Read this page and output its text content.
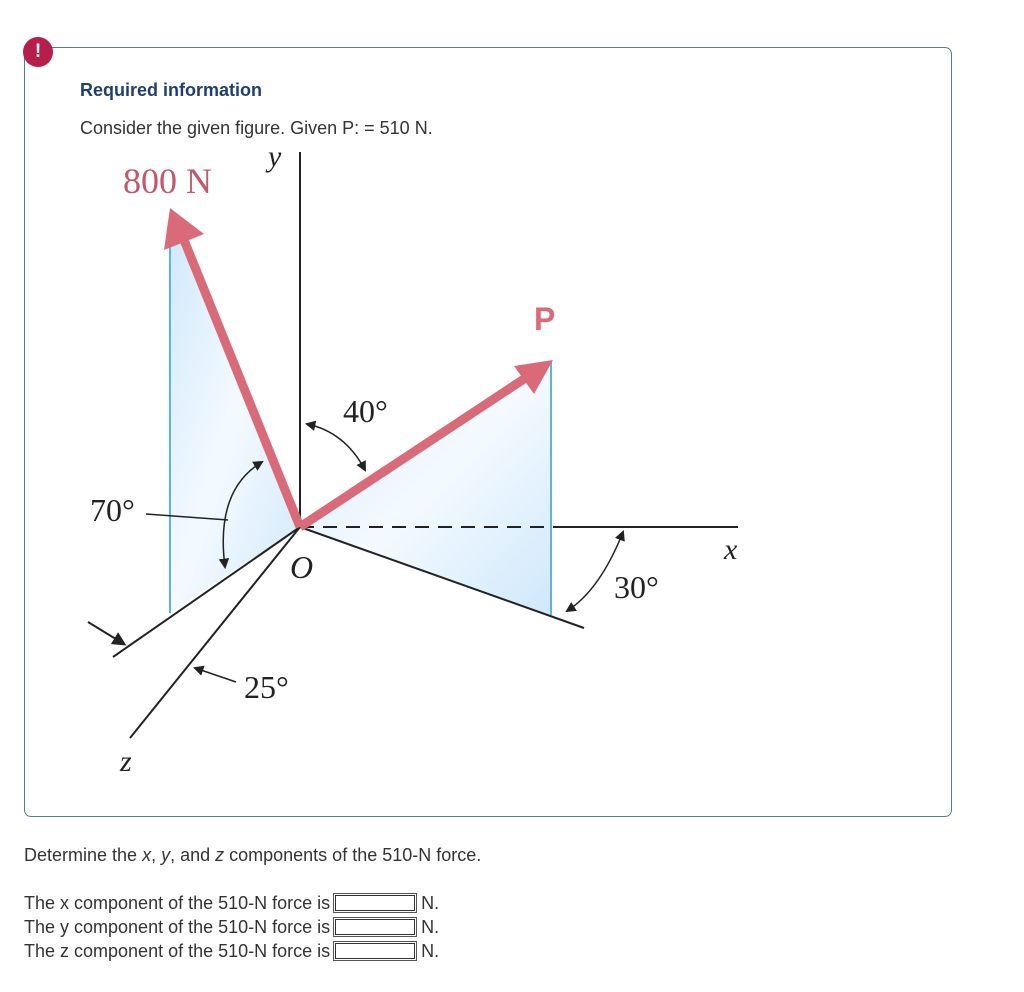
!
Required information
Consider the given figure. Given P: = 510 N.
800 N
P
y
x
z
O
40°
70°
30°
25°
Determine the x, y, and z components of the 510-N force.
The x component of the 510-N force is	N.
The y component of the 510-N force is	N.
The z component of the 510-N force is	N.
